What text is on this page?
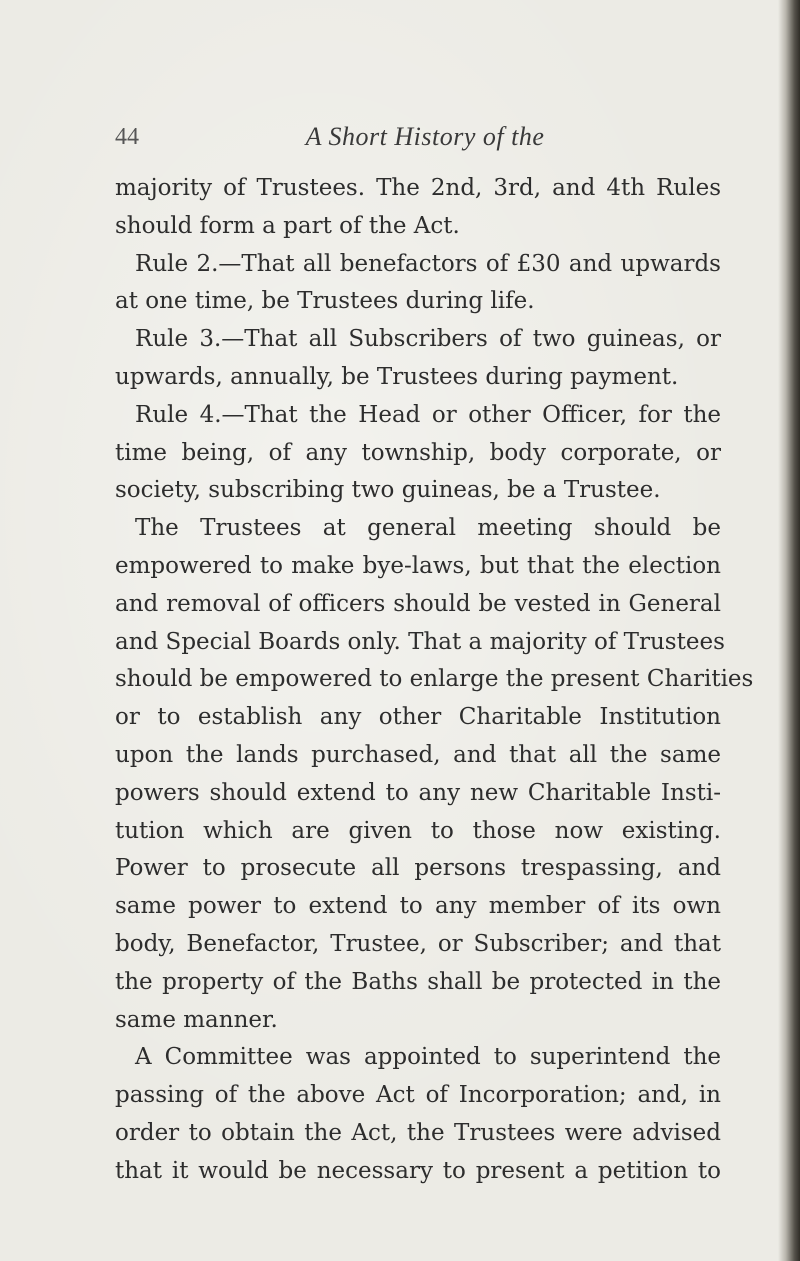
44	A Short History of the
majority of Trustees. The 2nd, 3rd, and 4th Rules
should form a part of the Act.
Rule 2.—That all benefactors of £30 and upwards
at one time, be Trustees during life.
Rule 3.—That all Subscribers of two guineas, or
upwards, annually, be Trustees during payment.
Rule 4.—That the Head or other Officer, for the
time being, of any township, body corporate, or
society, subscribing two guineas, be a Trustee.
The Trustees at general meeting should be
empowered to make bye-laws, but that the election
and removal of officers should be vested in General
and Special Boards only. That a majority of Trustees
should be empowered to enlarge the present Charities
or to establish any other Charitable Institution
upon the lands purchased, and that all the same
powers should extend to any new Charitable Insti-
tution which are given to those now existing.
Power to prosecute all persons trespassing, and
same power to extend to any member of its own
body, Benefactor, Trustee, or Subscriber; and that
the property of the Baths shall be protected in the
same manner.
A Committee was appointed to superintend the
passing of the above Act of Incorporation; and, in
order to obtain the Act, the Trustees were advised
that it would be necessary to present a petition to
